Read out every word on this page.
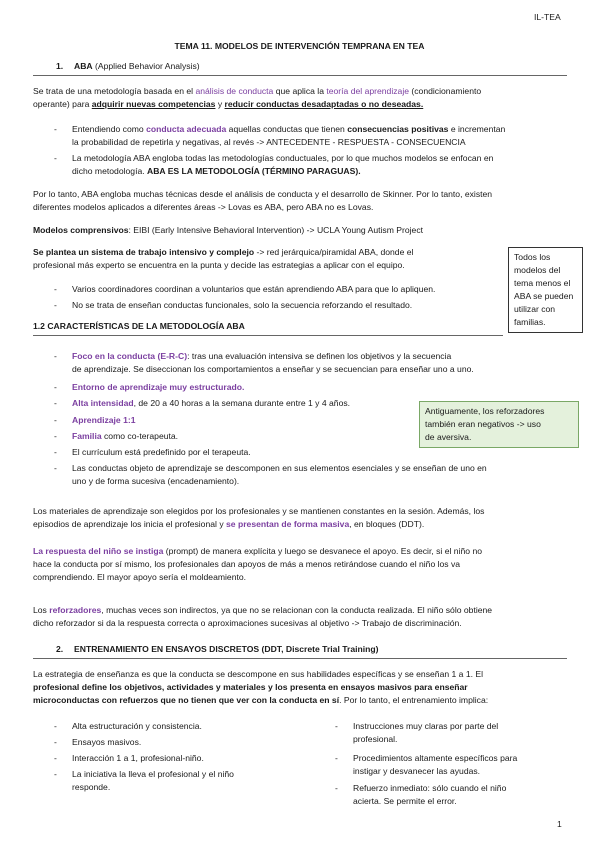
IL-TEA
TEMA 11. MODELOS DE INTERVENCIÓN TEMPRANA EN TEA
1. ABA (Applied Behavior Analysis)
Se trata de una metodología basada en el análisis de conducta que aplica la teoría del aprendizaje (condicionamiento
operante) para adquirir nuevas competencias y reducir conductas desadaptadas o no deseadas.
-	Entendiendo como conducta adecuada aquellas conductas que tienen consecuencias positivas e incrementan
la probabilidad de repetirla y negativas, al revés -> ANTECEDENTE - RESPUESTA - CONSECUENCIA
-	La metodología ABA engloba todas las metodologías conductuales, por lo que muchos modelos se enfocan en
dicho metodología. ABA ES LA METODOLOGÍA (TÉRMINO PARAGUAS).
Por lo tanto, ABA engloba muchas técnicas desde el análisis de conducta y el desarrollo de Skinner. Por lo tanto, existen
diferentes modelos aplicados a diferentes áreas -> Lovas es ABA, pero ABA no es Lovas.
Modelos comprensivos: EIBI (Early Intensive Behavioral Intervention) -> UCLA Young Autism Project
Se plantea un sistema de trabajo intensivo y complejo -> red jerárquica/piramidal ABA, donde el
profesional más experto se encuentra en la punta y decide las estrategias a aplicar con el equipo.
-	Varios coordinadores coordinan a voluntarios que están aprendiendo ABA para que lo apliquen.
-	No se trata de enseñan conductas funcionales, solo la secuencia reforzando el resultado.
Todos los
modelos del
tema menos el
ABA se pueden
utilizar con
familias.
1.2 CARACTERÍSTICAS DE LA METODOLOGÍA ABA
-	Foco en la conducta (E-R-C): tras una evaluación intensiva se definen los objetivos y la secuencia
de aprendizaje. Se diseccionan los comportamientos a enseñar y se secuencian para enseñar uno a uno.
-	Entorno de aprendizaje muy estructurado.
-	Alta intensidad, de 20 a 40 horas a la semana durante entre 1 y 4 años.
-	Aprendizaje 1:1
-	Familia como co-terapeuta.
-	El currículum está predefinido por el terapeuta.
-	Las conductas objeto de aprendizaje se descomponen en sus elementos esenciales y se enseñan de uno en
uno y de forma sucesiva (encadenamiento).
Antiguamente, los reforzadores
también eran negativos -> uso
de aversiva.
Los materiales de aprendizaje son elegidos por los profesionales y se mantienen constantes en la sesión. Además, los
episodios de aprendizaje los inicia el profesional y se presentan de forma masiva, en bloques (DDT).
La respuesta del niño se instiga (prompt) de manera explícita y luego se desvanece el apoyo. Es decir, si el niño no
hace la conducta por sí mismo, los profesionales dan apoyos de más a menos retirándose cuando el niño los va
comprendiendo. El mayor apoyo sería el moldeamiento.
Los reforzadores, muchas veces son indirectos, ya que no se relacionan con la conducta realizada. El niño sólo obtiene
dicho reforzador si da la respuesta correcta o aproximaciones sucesivas al objetivo -> Trabajo de discriminación.
2. ENTRENAMIENTO EN ENSAYOS DISCRETOS (DDT, Discrete Trial Training)
La estrategia de enseñanza es que la conducta se descompone en sus habilidades específicas y se enseñan 1 a 1. El
profesional define los objetivos, actividades y materiales y los presenta en ensayos masivos para enseñar
microconductas con refuerzos que no tienen que ver con la conducta en sí. Por lo tanto, el entrenamiento implica:
-	Alta estructuración y consistencia.
-	Ensayos masivos.
-	Interacción 1 a 1, profesional-niño.
-	La iniciativa la lleva el profesional y el niño
responde.
-	Instrucciones muy claras por parte del
profesional.
-	Procedimientos altamente específicos para
instigar y desvanecer las ayudas.
-	Refuerzo inmediato: sólo cuando el niño
acierta. Se permite el error.
1
